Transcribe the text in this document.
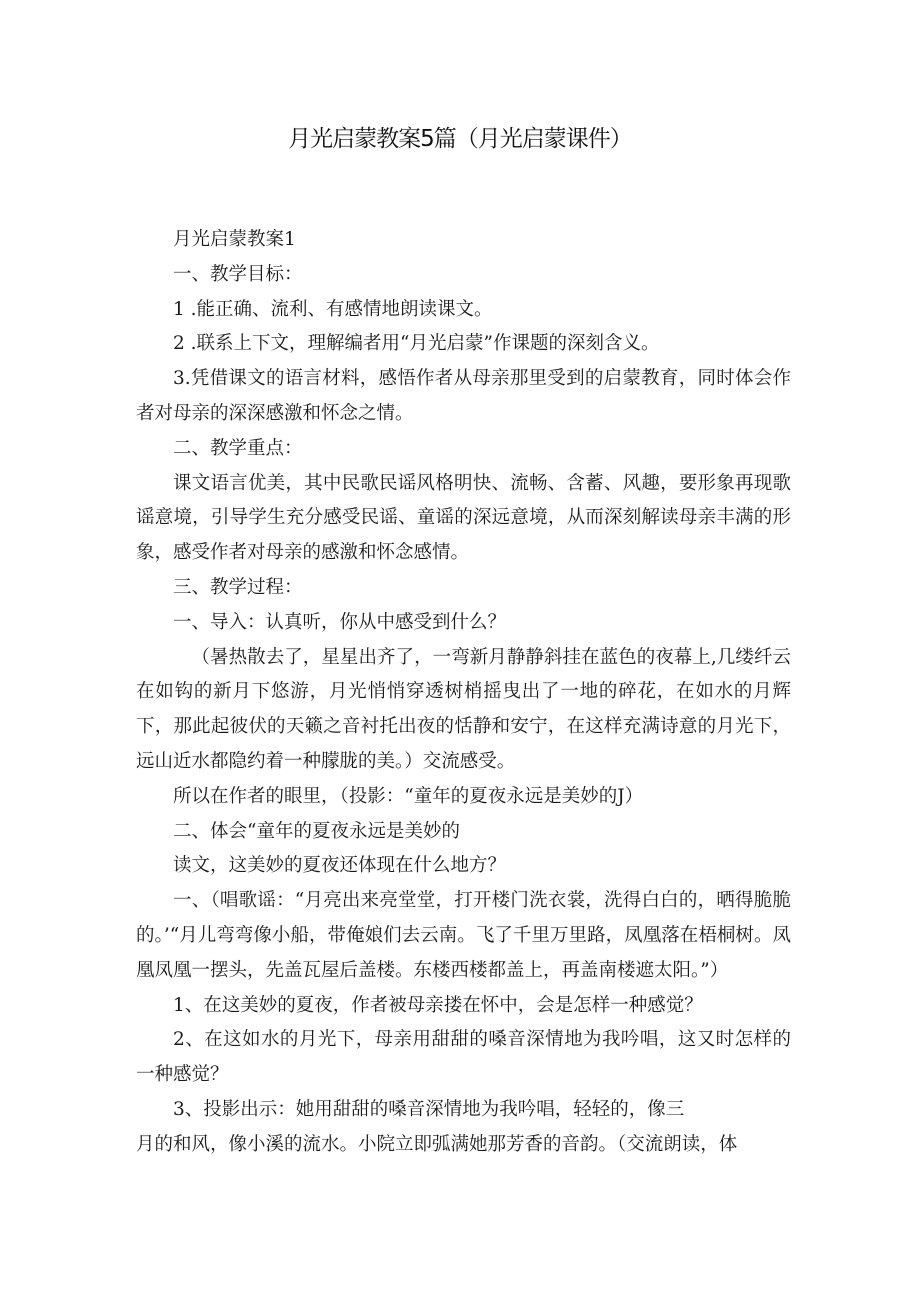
月光启蒙教案5篇（月光启蒙课件）

月光启蒙教案1

一、教学目标：

1 .能正确、流利、有感情地朗读课文。

2 .联系上下文，理解编者用“月光启蒙”作课题的深刻含义。

3.凭借课文的语言材料，感悟作者从母亲那里受到的启蒙教育，同时体会作者对母亲的深深感激和怀念之情。

二、教学重点：

课文语言优美，其中民歌民谣风格明快、流畅、含蓄、风趣，要形象再现歌谣意境，引导学生充分感受民谣、童谣的深远意境，从而深刻解读母亲丰满的形象，感受作者对母亲的感激和怀念感情。

三、教学过程：

一、导入：认真听，你从中感受到什么？

（暑热散去了，星星出齐了，一弯新月静静斜挂在蓝色的夜幕上,几缕纤云在如钩的新月下悠游，月光悄悄穿透树梢摇曳出了一地的碎花，在如水的月辉下，那此起彼伏的天籁之音衬托出夜的恬静和安宁，在这样充满诗意的月光下，远山近水都隐约着一种朦胧的美。）交流感受。

所以在作者的眼里，（投影：“童年的夏夜永远是美妙的J）

二、体会“童年的夏夜永远是美妙的

读文，这美妙的夏夜还体现在什么地方？

一、（唱歌谣：“月亮出来亮堂堂，打开楼门洗衣裳，洗得白白的，晒得脆脆的。’“月儿弯弯像小船，带俺娘们去云南。飞了千里万里路，凤凰落在梧桐树。凤凰凤凰一摆头，先盖瓦屋后盖楼。东楼西楼都盖上，再盖南楼遮太阳。”）

1、在这美妙的夏夜，作者被母亲搂在怀中，会是怎样一种感觉？

2、在这如水的月光下，母亲用甜甜的嗓音深情地为我吟唱，这又时怎样的一种感觉？

3、投影出示：她用甜甜的嗓音深情地为我吟唱，轻轻的，像三

月的和风，像小溪的流水。小院立即弧满她那芳香的音韵。（交流朗读，体
